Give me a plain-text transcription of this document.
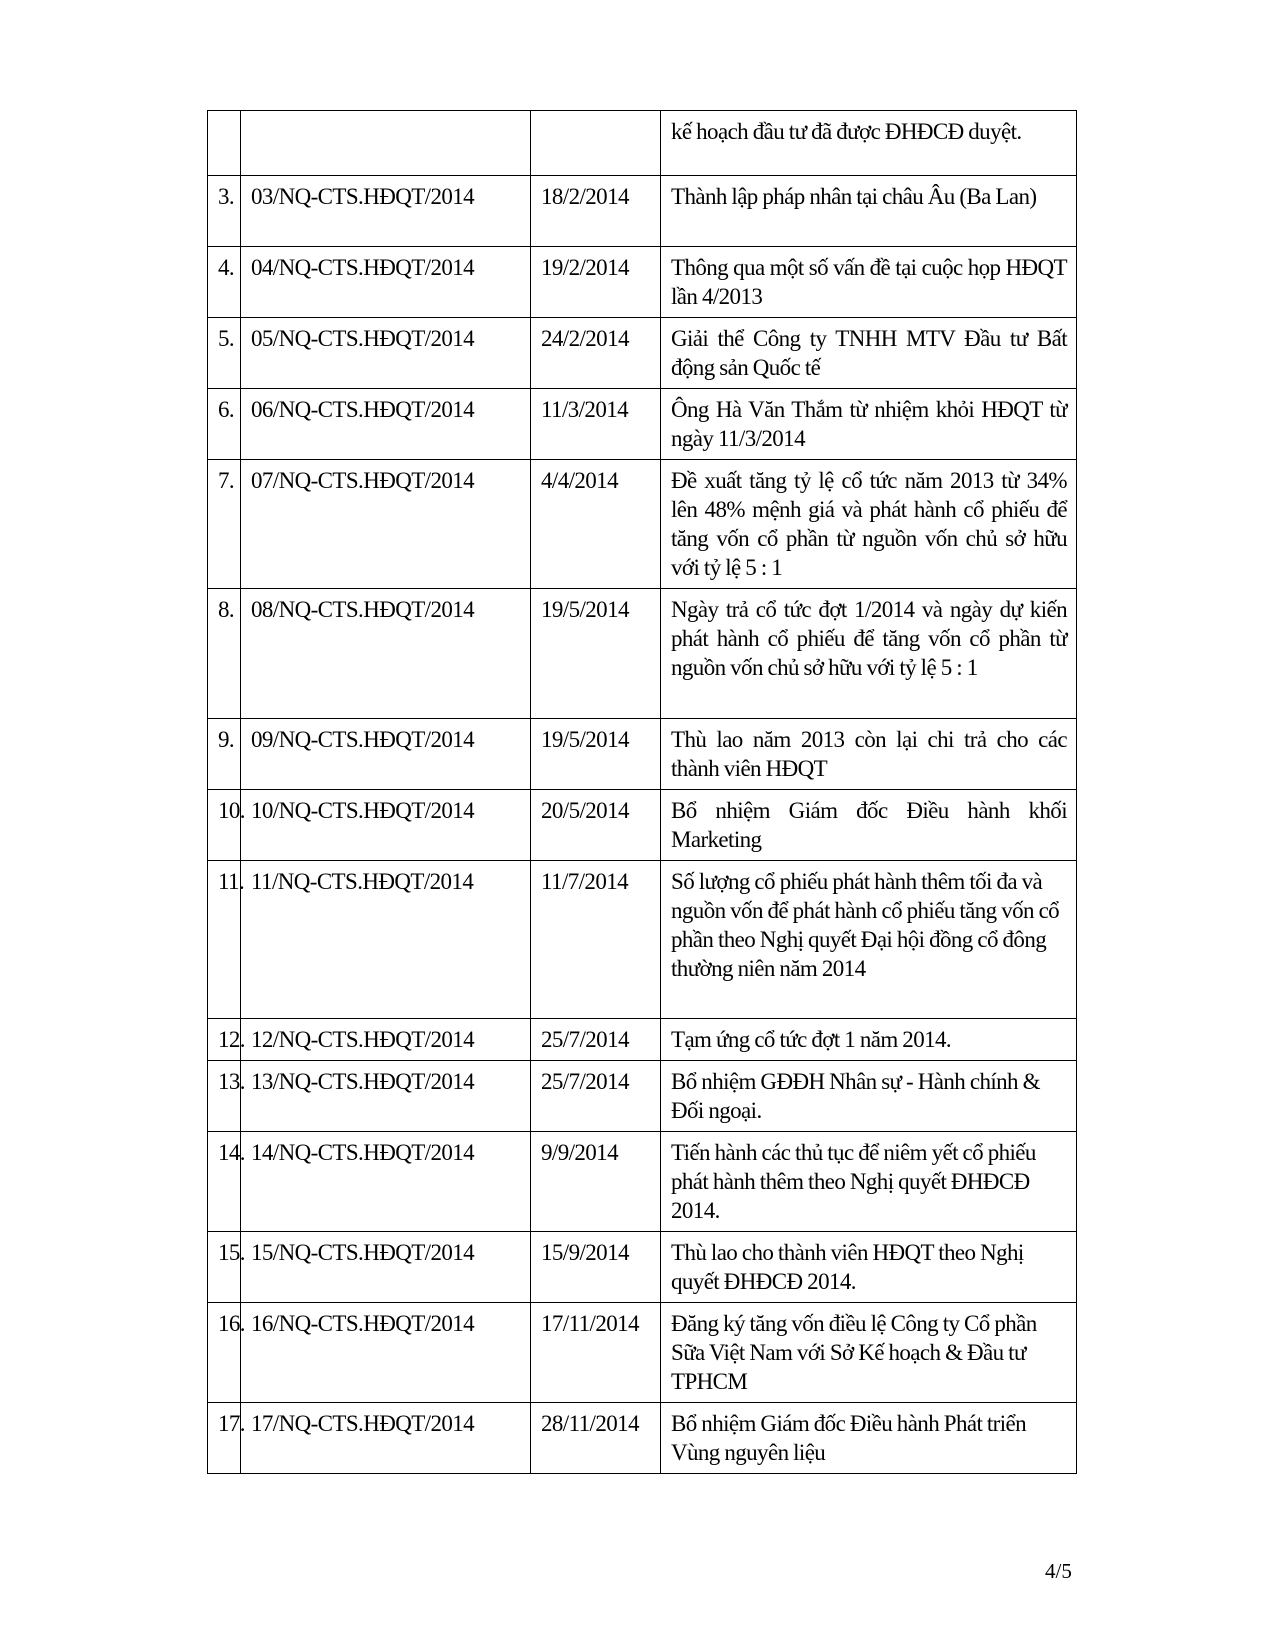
			kế hoạch đầu tư đã được ĐHĐCĐ duyệt.
3.	03/NQ-CTS.HĐQT/2014	18/2/2014	Thành lập pháp nhân tại châu Âu (Ba Lan)
4.	04/NQ-CTS.HĐQT/2014	19/2/2014	Thông qua một số vấn đề tại cuộc họp HĐQT lần 4/2013
5.	05/NQ-CTS.HĐQT/2014	24/2/2014	Giải thể Công ty TNHH MTV Đầu tư Bất động sản Quốc tế
6.	06/NQ-CTS.HĐQT/2014	11/3/2014	Ông Hà Văn Thắm từ nhiệm khỏi HĐQT từ ngày 11/3/2014
7.	07/NQ-CTS.HĐQT/2014	4/4/2014	Đề xuất tăng tỷ lệ cổ tức năm 2013 từ 34% lên 48% mệnh giá và phát hành cổ phiếu để tăng vốn cổ phần từ nguồn vốn chủ sở hữu với tỷ lệ 5 : 1
8.	08/NQ-CTS.HĐQT/2014	19/5/2014	Ngày trả cổ tức đợt 1/2014 và ngày dự kiến phát hành cổ phiếu để tăng vốn cổ phần từ nguồn vốn chủ sở hữu với tỷ lệ 5 : 1
9.	09/NQ-CTS.HĐQT/2014	19/5/2014	Thù lao năm 2013 còn lại chi trả cho các thành viên HĐQT
10.	10/NQ-CTS.HĐQT/2014	20/5/2014	Bổ nhiệm Giám đốc Điều hành khối Marketing
11.	11/NQ-CTS.HĐQT/2014	11/7/2014	Số lượng cổ phiếu phát hành thêm tối đa và nguồn vốn để phát hành cổ phiếu tăng vốn cổ phần theo Nghị quyết Đại hội đồng cổ đông thường niên năm 2014
12.	12/NQ-CTS.HĐQT/2014	25/7/2014	Tạm ứng cổ tức đợt 1 năm 2014.
13.	13/NQ-CTS.HĐQT/2014	25/7/2014	Bổ nhiệm GĐĐH Nhân sự - Hành chính & Đối ngoại.
14.	14/NQ-CTS.HĐQT/2014	9/9/2014	Tiến hành các thủ tục để niêm yết cổ phiếu phát hành thêm theo Nghị quyết ĐHĐCĐ 2014.
15.	15/NQ-CTS.HĐQT/2014	15/9/2014	Thù lao cho thành viên HĐQT theo Nghị quyết ĐHĐCĐ 2014.
16.	16/NQ-CTS.HĐQT/2014	17/11/2014	Đăng ký tăng vốn điều lệ Công ty Cổ phần Sữa Việt Nam với Sở Kế hoạch & Đầu tư TPHCM
17.	17/NQ-CTS.HĐQT/2014	28/11/2014	Bổ nhiệm Giám đốc Điều hành Phát triển Vùng nguyên liệu
4/5
